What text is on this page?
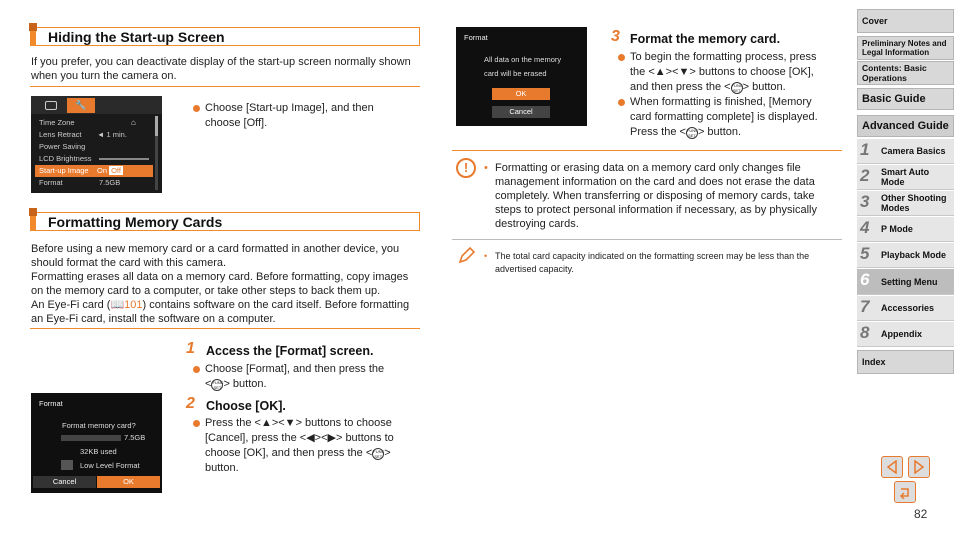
Hiding the Start-up Screen
If you prefer, you can deactivate display of the start-up screen normally shown when you turn the camera on.
🔧
Time Zone	⌂
Lens Retract ◄ 1 min.
Power Saving
LCD Brightness
Start-up Image On Off
Format	7.5GB
Choose [Start-up Image], and then choose [Off].
Formatting Memory Cards
Before using a new memory card or a card formatted in another device, you should format the card with this camera.
Formatting erases all data on a memory card. Before formatting, copy images on the memory card to a computer, or take other steps to back them up.
An Eye-Fi card (📖101) contains software on the card itself. Before formatting an Eye-Fi card, install the software on a computer.
1 Access the [Format] screen.
Choose [Format], and then press the
<FUNC
SET > button.
Format
Format memory card?
7.5GB
32KB used
Low Level Format
Cancel	OK
2 Choose [OK].
Press the <▲><▼> buttons to choose [Cancel], press the <◀><▶> buttons to choose [OK], and then press the <FUNC
SET > button.
Format
All data on the memory
card will be erased
OK
Cancel
3 Format the memory card.
To begin the formatting process, press the <▲><▼> buttons to choose [OK], and then press the <FUNC
SET > button.
When formatting is finished, [Memory card formatting complete] is displayed. Press the <FUNC
SET > button.
!	• Formatting or erasing data on a memory card only changes file management information on the card and does not erase the data completely. When transferring or disposing of memory cards, take steps to protect personal information if necessary, as by physically destroying cards.
• The total card capacity indicated on the formatting screen may be less than the advertised capacity.
Cover
Preliminary Notes and Legal Information
Contents: Basic Operations
Basic Guide
Advanced Guide
1 Camera Basics
2 Smart Auto Mode
3 Other Shooting Modes
4 P Mode
5 Playback Mode
6 Setting Menu
7 Accessories
8 Appendix
Index
82
